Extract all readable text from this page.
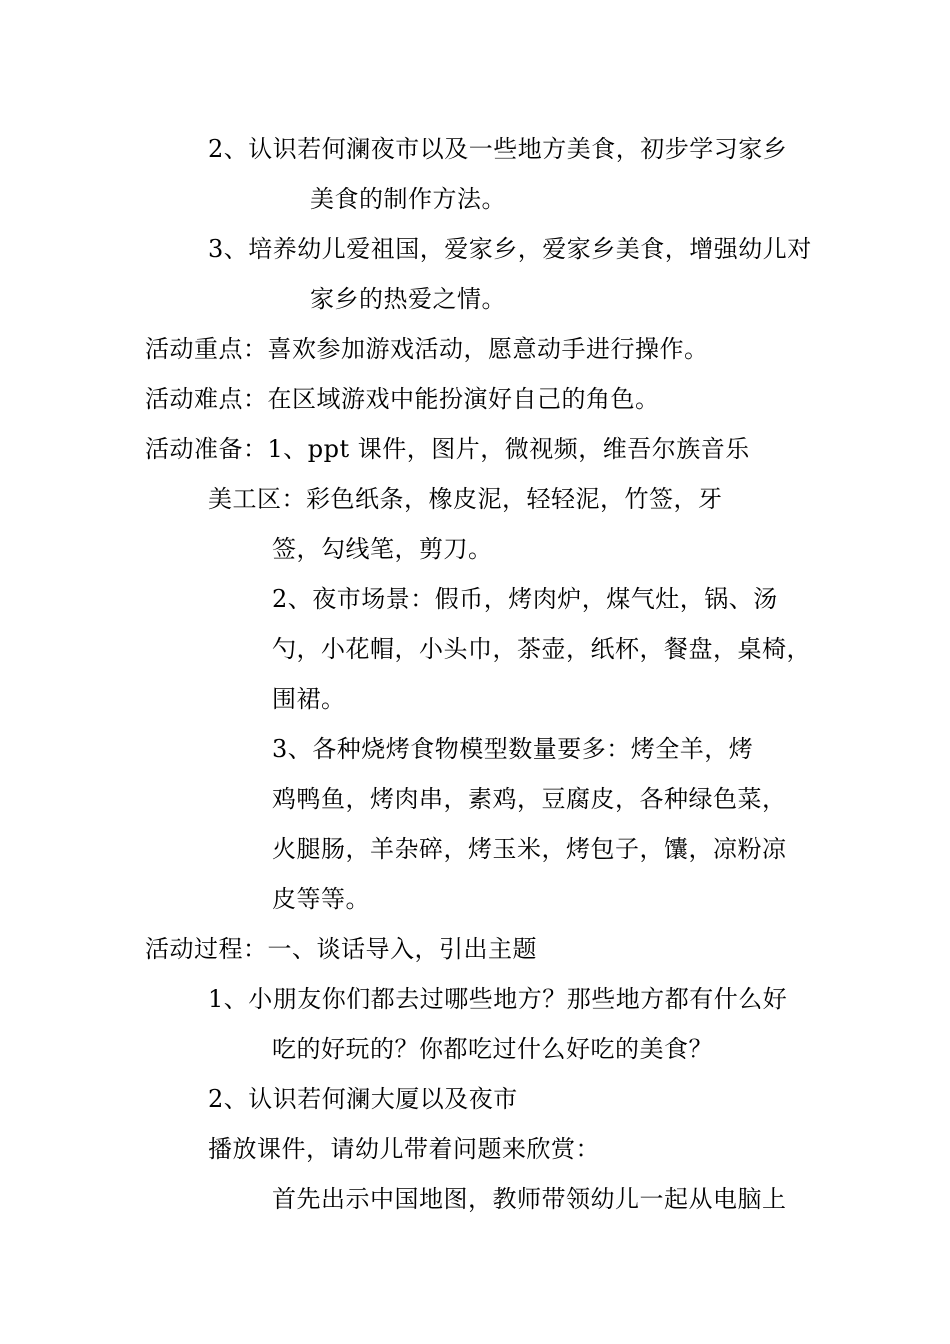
2、认识若何澜夜市以及一些地方美食，初步学习家乡
美食的制作方法。
3、培养幼儿爱祖国，爱家乡，爱家乡美食，增强幼儿对
家乡的热爱之情。
活动重点：喜欢参加游戏活动，愿意动手进行操作。
活动难点：在区域游戏中能扮演好自己的角色。
活动准备：1、ppt 课件，图片，微视频，维吾尔族音乐
美工区：彩色纸条，橡皮泥，轻轻泥，竹签，牙
签，勾线笔，剪刀。
2、夜市场景：假币，烤肉炉，煤气灶，锅、汤
勺，小花帽，小头巾，茶壶，纸杯，餐盘，桌椅，
围裙。
3、各种烧烤食物模型数量要多：烤全羊，烤
鸡鸭鱼，烤肉串，素鸡，豆腐皮，各种绿色菜，
火腿肠，羊杂碎，烤玉米，烤包子，馕，凉粉凉
皮等等。
活动过程：一、谈话导入，引出主题
1、小朋友你们都去过哪些地方？那些地方都有什么好
吃的好玩的？你都吃过什么好吃的美食？
2、认识若何澜大厦以及夜市
播放课件，请幼儿带着问题来欣赏：
首先出示中国地图，教师带领幼儿一起从电脑上
